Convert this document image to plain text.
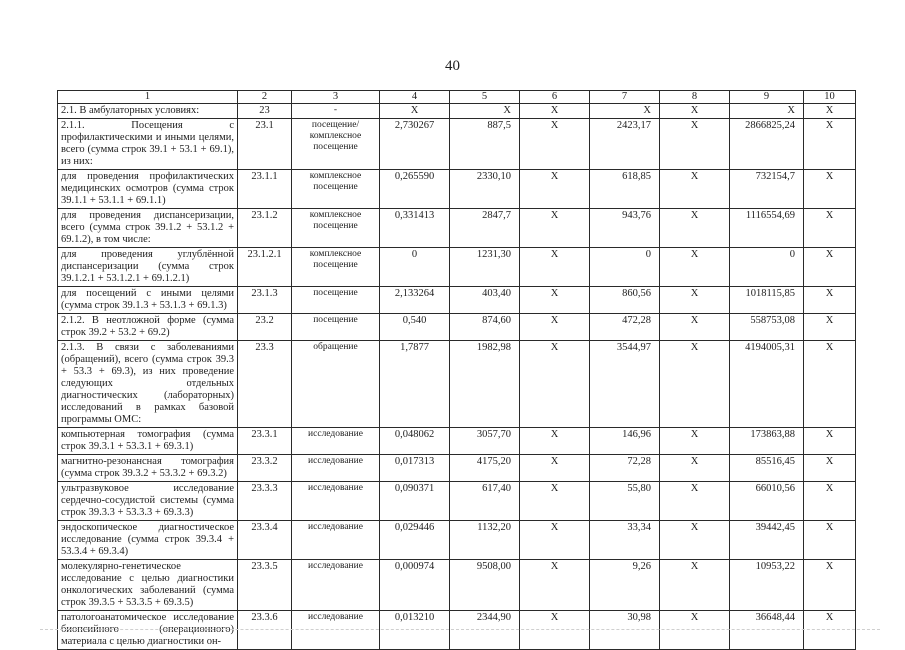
40
1	2	3	4	5	6	7	8	9	10
2.1. В амбулаторных условиях:	23	-	X	X	X	X	X	X	X
2.1.1. Посещения с профилактическими и иными целями, всего (сумма строк 39.1 + 53.1 + 69.1), из них:	23.1	посещение/ комплексное посещение	2,730267	887,5	X	2423,17	X	2866825,24	X
для проведения профилактических медицинских осмотров (сумма строк 39.1.1 + 53.1.1 + 69.1.1)	23.1.1	комплексное посещение	0,265590	2330,10	X	618,85	X	732154,7	X
для проведения диспансеризации, всего (сумма строк 39.1.2 + 53.1.2 + 69.1.2), в том числе:	23.1.2	комплексное посещение	0,331413	2847,7	X	943,76	X	1116554,69	X
для проведения углублённой диспансеризации (сумма строк 39.1.2.1 + 53.1.2.1 + 69.1.2.1)	23.1.2.1	комплексное посещение	0	1231,30	X	0	X	0	X
для посещений с иными целями (сумма строк 39.1.3 + 53.1.3 + 69.1.3)	23.1.3	посещение	2,133264	403,40	X	860,56	X	1018115,85	X
2.1.2. В неотложной форме (сумма строк 39.2 + 53.2 + 69.2)	23.2	посещение	0,540	874,60	X	472,28	X	558753,08	X
2.1.3. В связи с заболеваниями (обращений), всего (сумма строк 39.3 + 53.3 + 69.3), из них проведение следующих отдельных диагностических (лабораторных) исследований в рамках базовой программы ОМС:	23.3	обращение	1,7877	1982,98	X	3544,97	X	4194005,31	X
компьютерная томография (сумма строк 39.3.1 + 53.3.1 + 69.3.1)	23.3.1	исследование	0,048062	3057,70	X	146,96	X	173863,88	X
магнитно-резонансная томография (сумма строк 39.3.2 + 53.3.2 + 69.3.2)	23.3.2	исследование	0,017313	4175,20	X	72,28	X	85516,45	X
ультразвуковое исследование сердечно-сосудистой системы (сумма строк 39.3.3 + 53.3.3 + 69.3.3)	23.3.3	исследование	0,090371	617,40	X	55,80	X	66010,56	X
эндоскопическое диагностическое исследование (сумма строк 39.3.4 + 53.3.4 + 69.3.4)	23.3.4	исследование	0,029446	1132,20	X	33,34	X	39442,45	X
молекулярно-генетическое исследование с целью диагностики онкологических заболеваний (сумма строк 39.3.5 + 53.3.5 + 69.3.5)	23.3.5	исследование	0,000974	9508,00	X	9,26	X	10953,22	X
патологоанатомическое исследование биопсийного (операционного) материала с целью диагностики он-	23.3.6	исследование	0,013210	2344,90	X	30,98	X	36648,44	X
